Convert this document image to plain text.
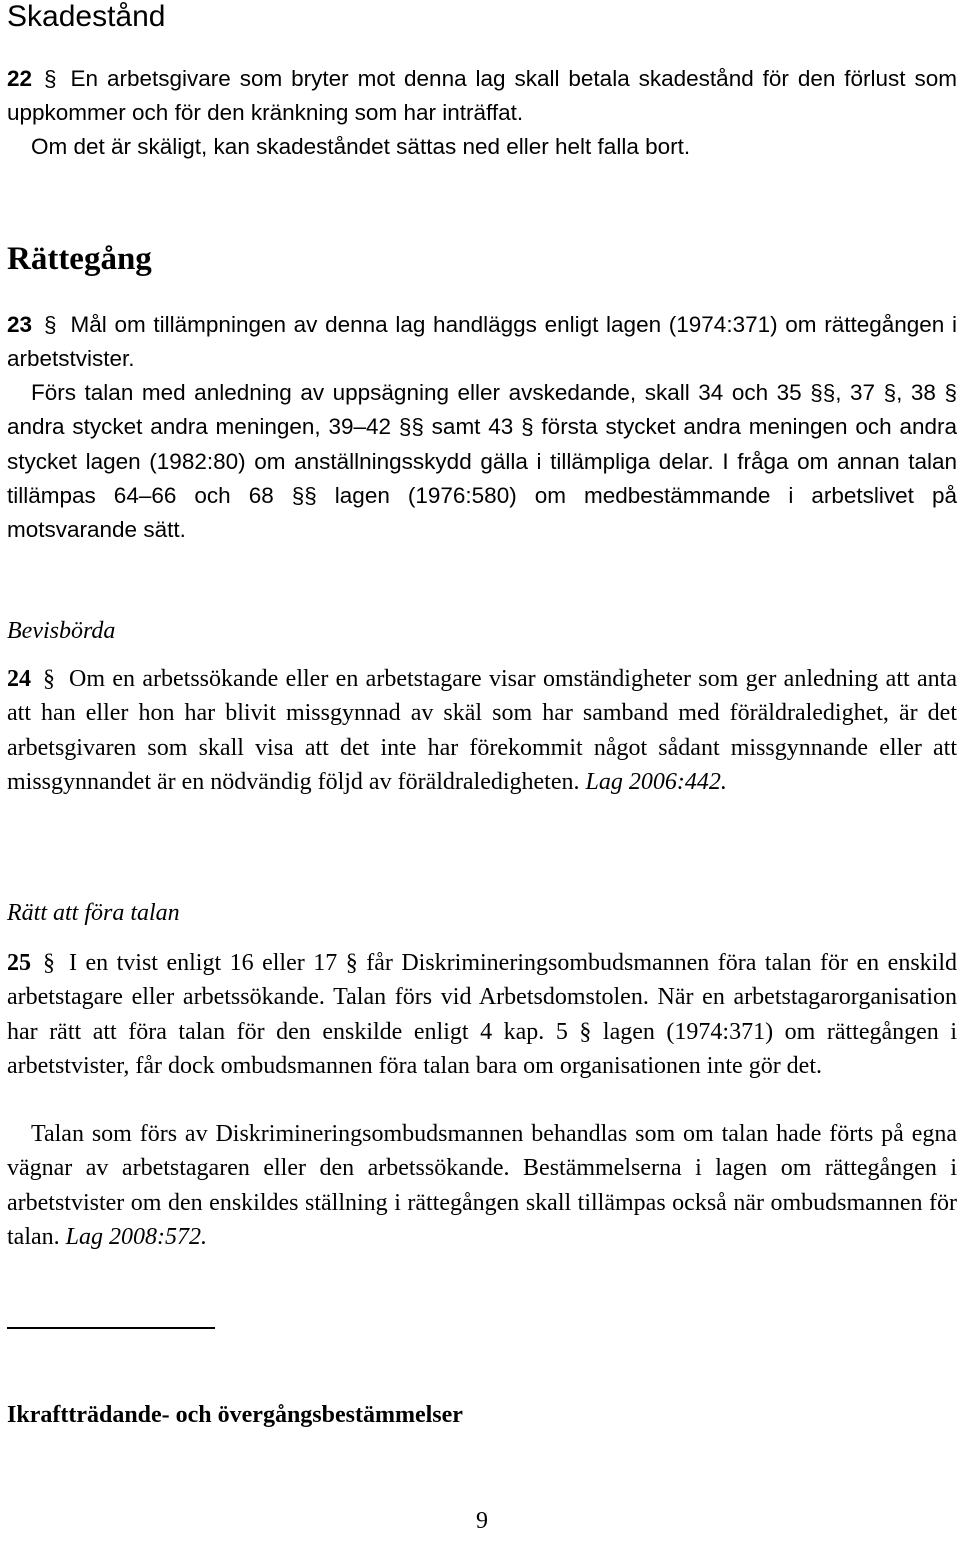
Skadestånd

22 § En arbetsgivare som bryter mot denna lag skall betala skadestånd för den förlust som uppkommer och för den kränkning som har inträffat.

Om det är skäligt, kan skadeståndet sättas ned eller helt falla bort.

Rättegång

23 § Mål om tillämpningen av denna lag handläggs enligt lagen (1974:371) om rättegången i arbetstvister.

Förs talan med anledning av uppsägning eller avskedande, skall 34 och 35 §§, 37 §, 38 § andra stycket andra meningen, 39–42 §§ samt 43 § första stycket andra meningen och andra stycket lagen (1982:80) om anställningsskydd gälla i tillämpliga delar. I fråga om annan talan tillämpas 64–66 och 68 §§ lagen (1976:580) om medbestämmande i arbetslivet på motsvarande sätt.

Bevisbörda

24 § Om en arbetssökande eller en arbetstagare visar omständigheter som ger anledning att anta att han eller hon har blivit missgynnad av skäl som har samband med föräldraledighet, är det arbetsgivaren som skall visa att det inte har förekommit något sådant missgynnande eller att missgynnandet är en nödvändig följd av föräldraledigheten. Lag 2006:442.

Rätt att föra talan

25 § I en tvist enligt 16 eller 17 § får Diskrimineringsombudsmannen föra talan för en enskild arbetstagare eller arbetssökande. Talan förs vid Arbetsdomstolen. När en arbetstagarorganisation har rätt att föra talan för den enskilde enligt 4 kap. 5 § lagen (1974:371) om rättegången i arbetstvister, får dock ombudsmannen föra talan bara om organisationen inte gör det.

Talan som förs av Diskrimineringsombudsmannen behandlas som om talan hade förts på egna vägnar av arbetstagaren eller den arbetssökande. Bestämmelserna i lagen om rättegången i arbetstvister om den enskildes ställning i rättegången skall tillämpas också när ombudsmannen för talan. Lag 2008:572.

Ikraftträdande- och övergångsbestämmelser
9
